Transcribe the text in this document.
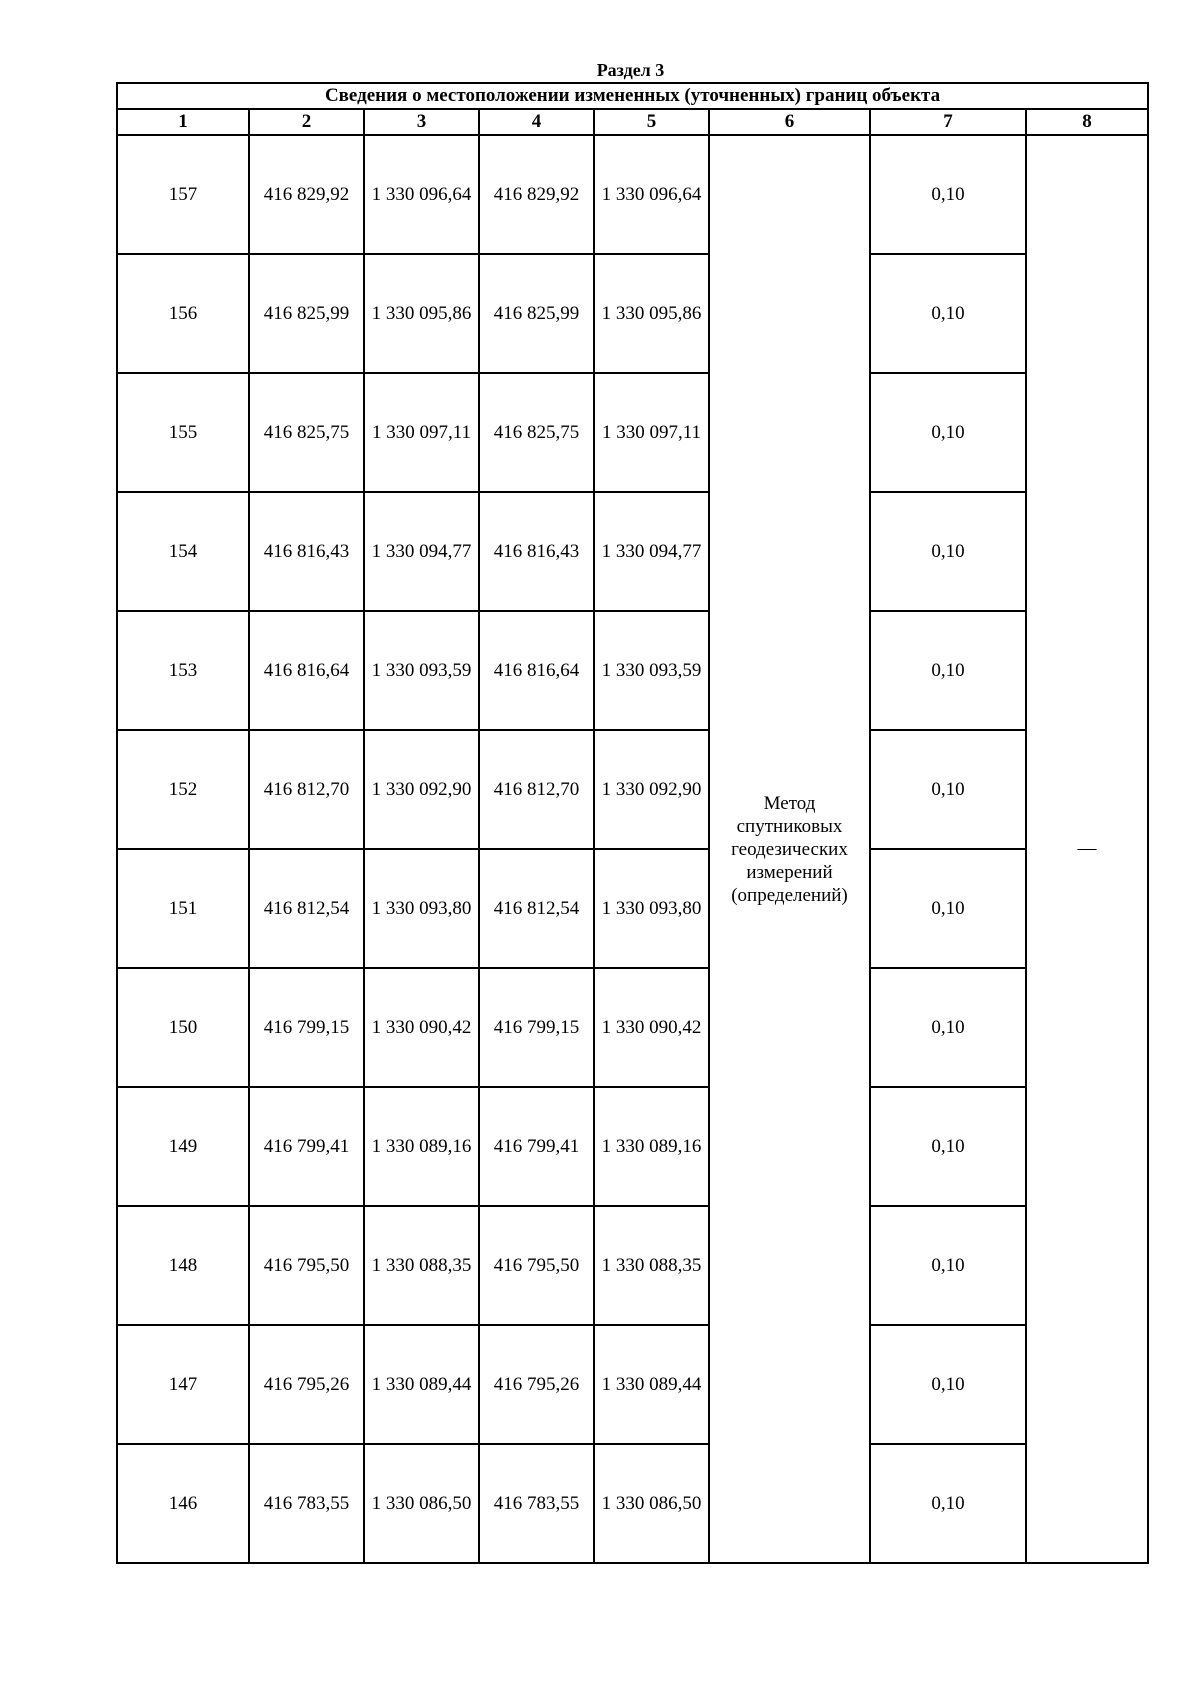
Раздел 3
Сведения о местоположении измененных (уточненных) границ объекта							
1	2	3	4	5	6	7	8
157	416 829,92	1 330 096,64	416 829,92	1 330 096,64	Метод спутниковых геодезических измерений (определений)	0,10	—
156	416 825,99	1 330 095,86	416 825,99	1 330 095,86		0,10	
155	416 825,75	1 330 097,11	416 825,75	1 330 097,11		0,10	
154	416 816,43	1 330 094,77	416 816,43	1 330 094,77		0,10	
153	416 816,64	1 330 093,59	416 816,64	1 330 093,59		0,10	
152	416 812,70	1 330 092,90	416 812,70	1 330 092,90		0,10	
151	416 812,54	1 330 093,80	416 812,54	1 330 093,80		0,10	
150	416 799,15	1 330 090,42	416 799,15	1 330 090,42		0,10	
149	416 799,41	1 330 089,16	416 799,41	1 330 089,16		0,10	
148	416 795,50	1 330 088,35	416 795,50	1 330 088,35		0,10	
147	416 795,26	1 330 089,44	416 795,26	1 330 089,44		0,10	
146	416 783,55	1 330 086,50	416 783,55	1 330 086,50		0,10	
